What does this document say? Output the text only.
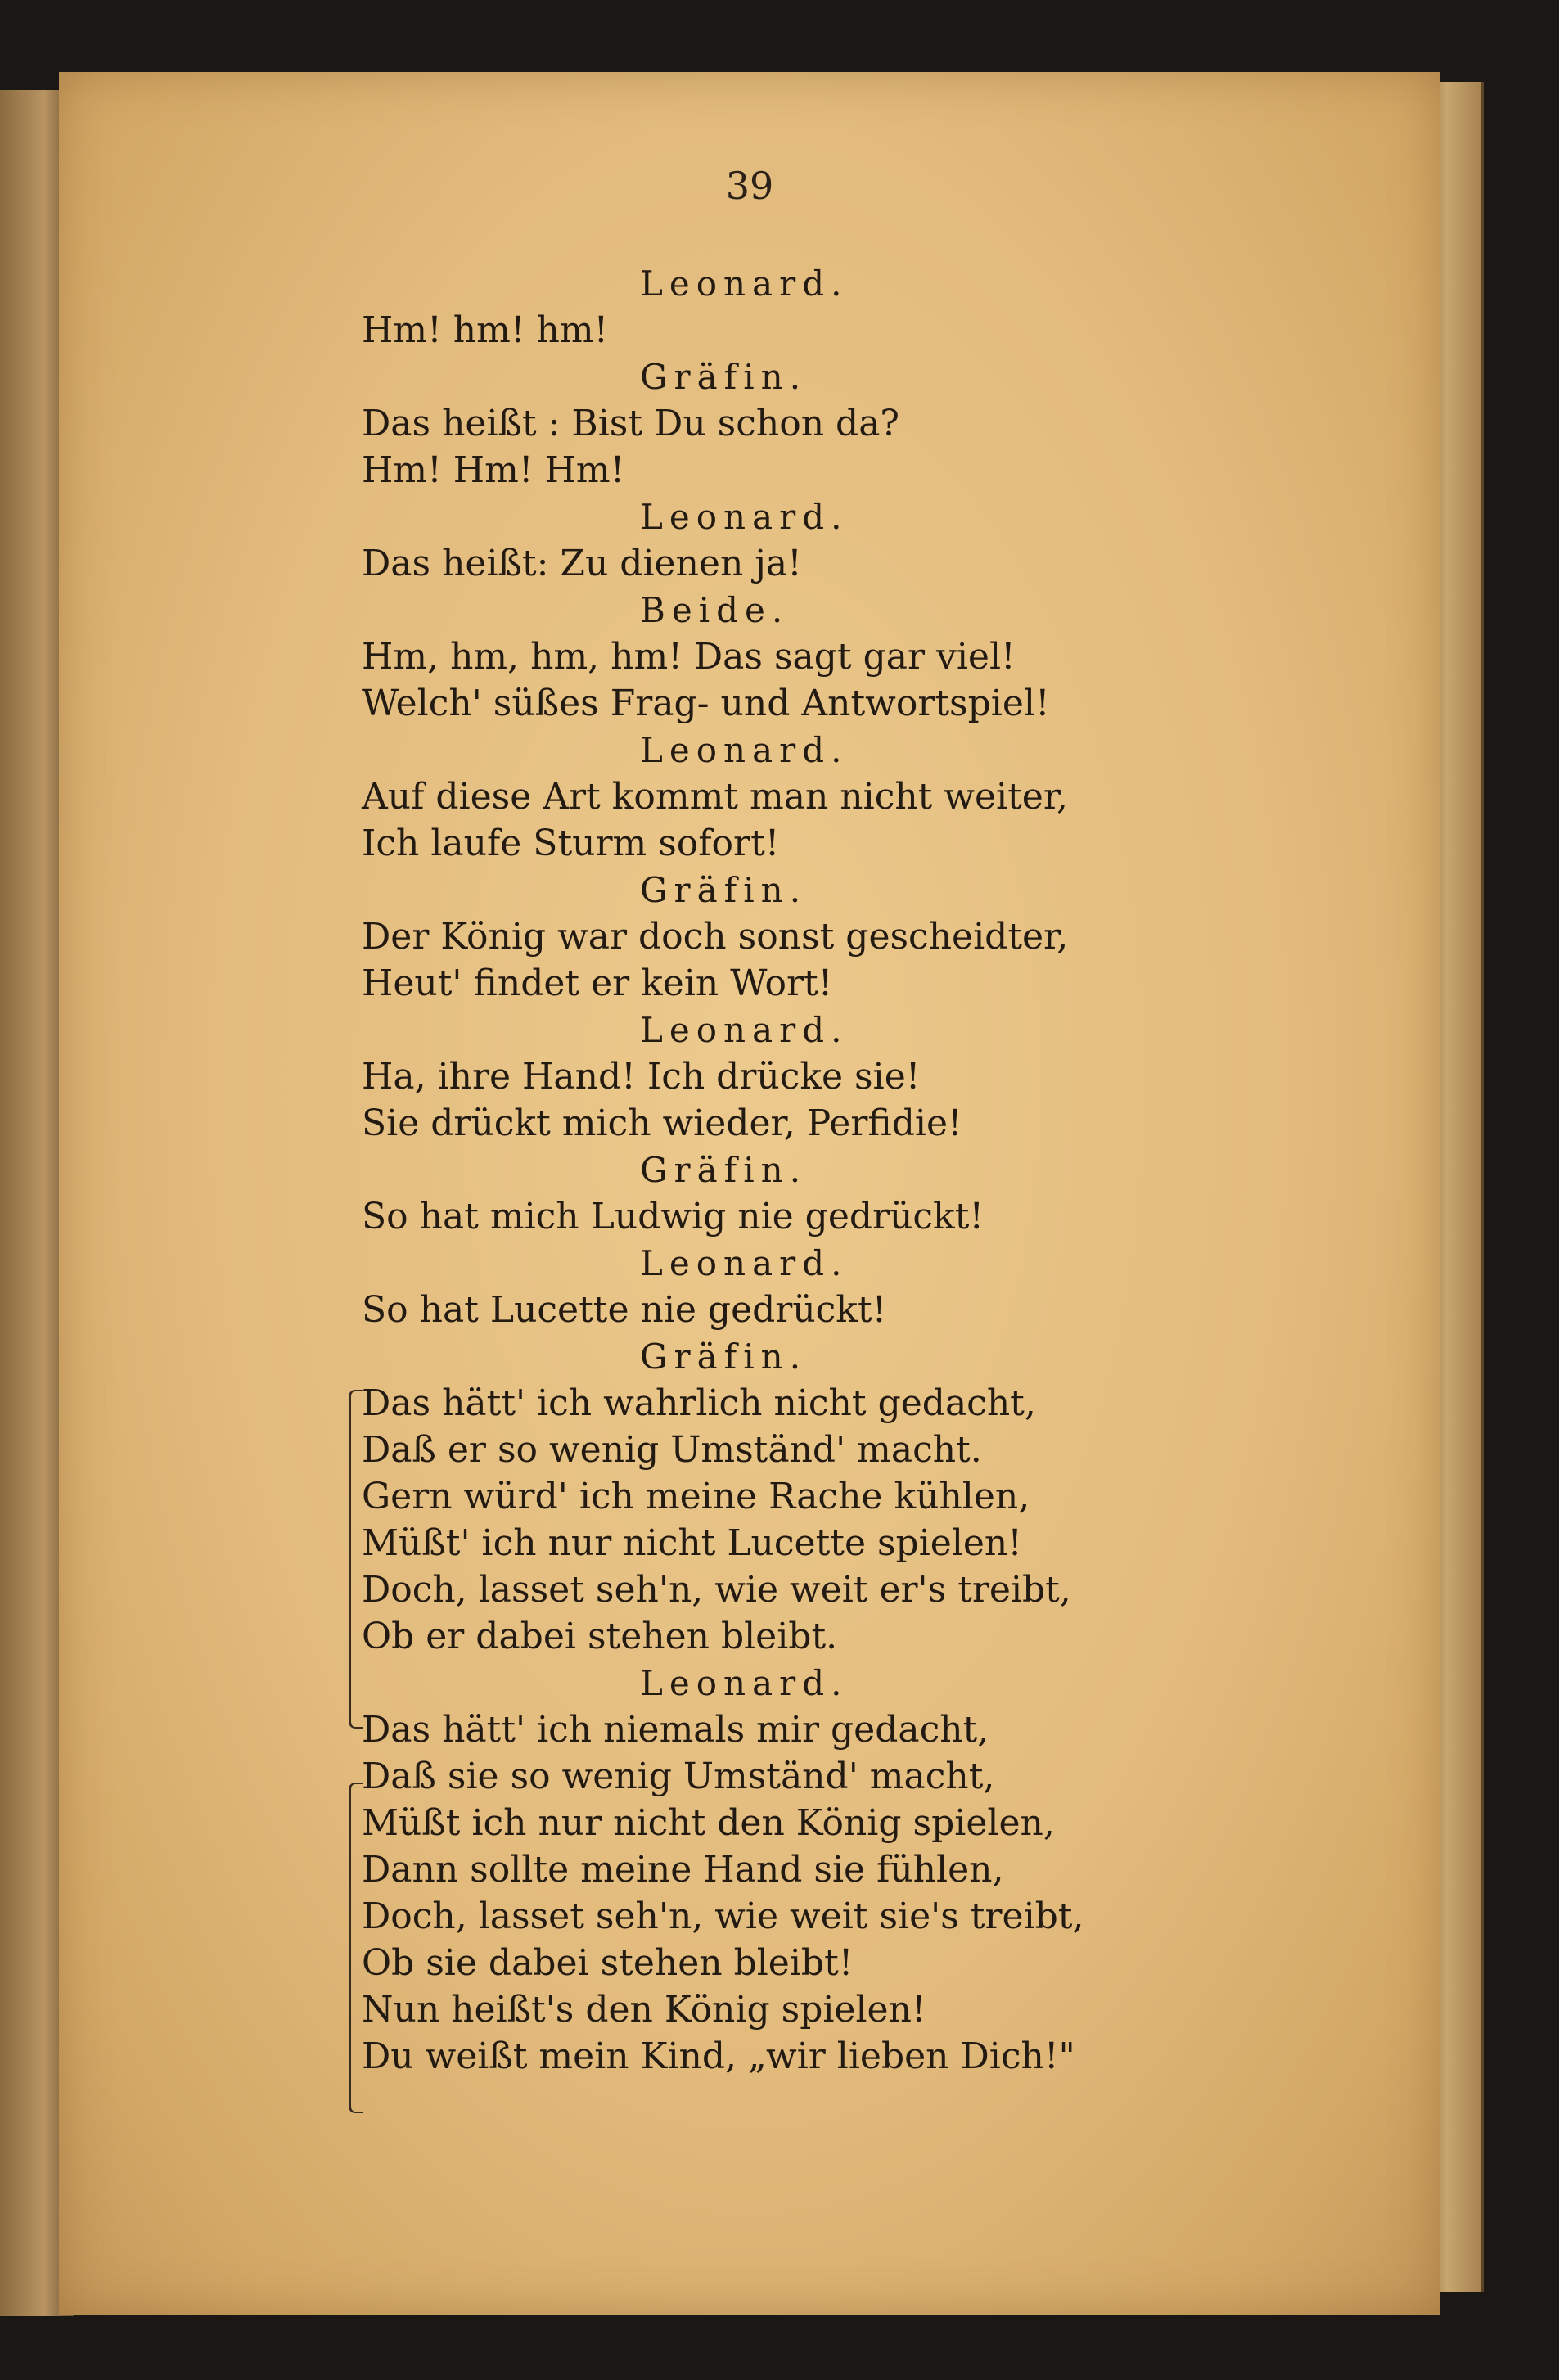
39
Leonard.
Hm! hm! hm!
Gräfin.
Das heißt : Bist Du schon da?
Hm! Hm! Hm!
Leonard.
Das heißt: Zu dienen ja!
Beide.
Hm, hm, hm, hm! Das sagt gar viel!
Welch' süßes Frag- und Antwortspiel!
Leonard.
Auf diese Art kommt man nicht weiter,
Ich laufe Sturm sofort!
Gräfin.
Der König war doch sonst gescheidter,
Heut' findet er kein Wort!
Leonard.
Ha, ihre Hand! Ich drücke sie!
Sie drückt mich wieder, Perfidie!
Gräfin.
So hat mich Ludwig nie gedrückt!
Leonard.
So hat Lucette nie gedrückt!
Gräfin.
Das hätt' ich wahrlich nicht gedacht,
Daß er so wenig Umständ' macht.
Gern würd' ich meine Rache kühlen,
Müßt' ich nur nicht Lucette spielen!
Doch, lasset seh'n, wie weit er's treibt,
Ob er dabei stehen bleibt.
Leonard.
Das hätt' ich niemals mir gedacht,
Daß sie so wenig Umständ' macht,
Müßt ich nur nicht den König spielen,
Dann sollte meine Hand sie fühlen,
Doch, lasset seh'n, wie weit sie's treibt,
Ob sie dabei stehen bleibt!
Nun heißt's den König spielen!
Du weißt mein Kind, „wir lieben Dich!"
